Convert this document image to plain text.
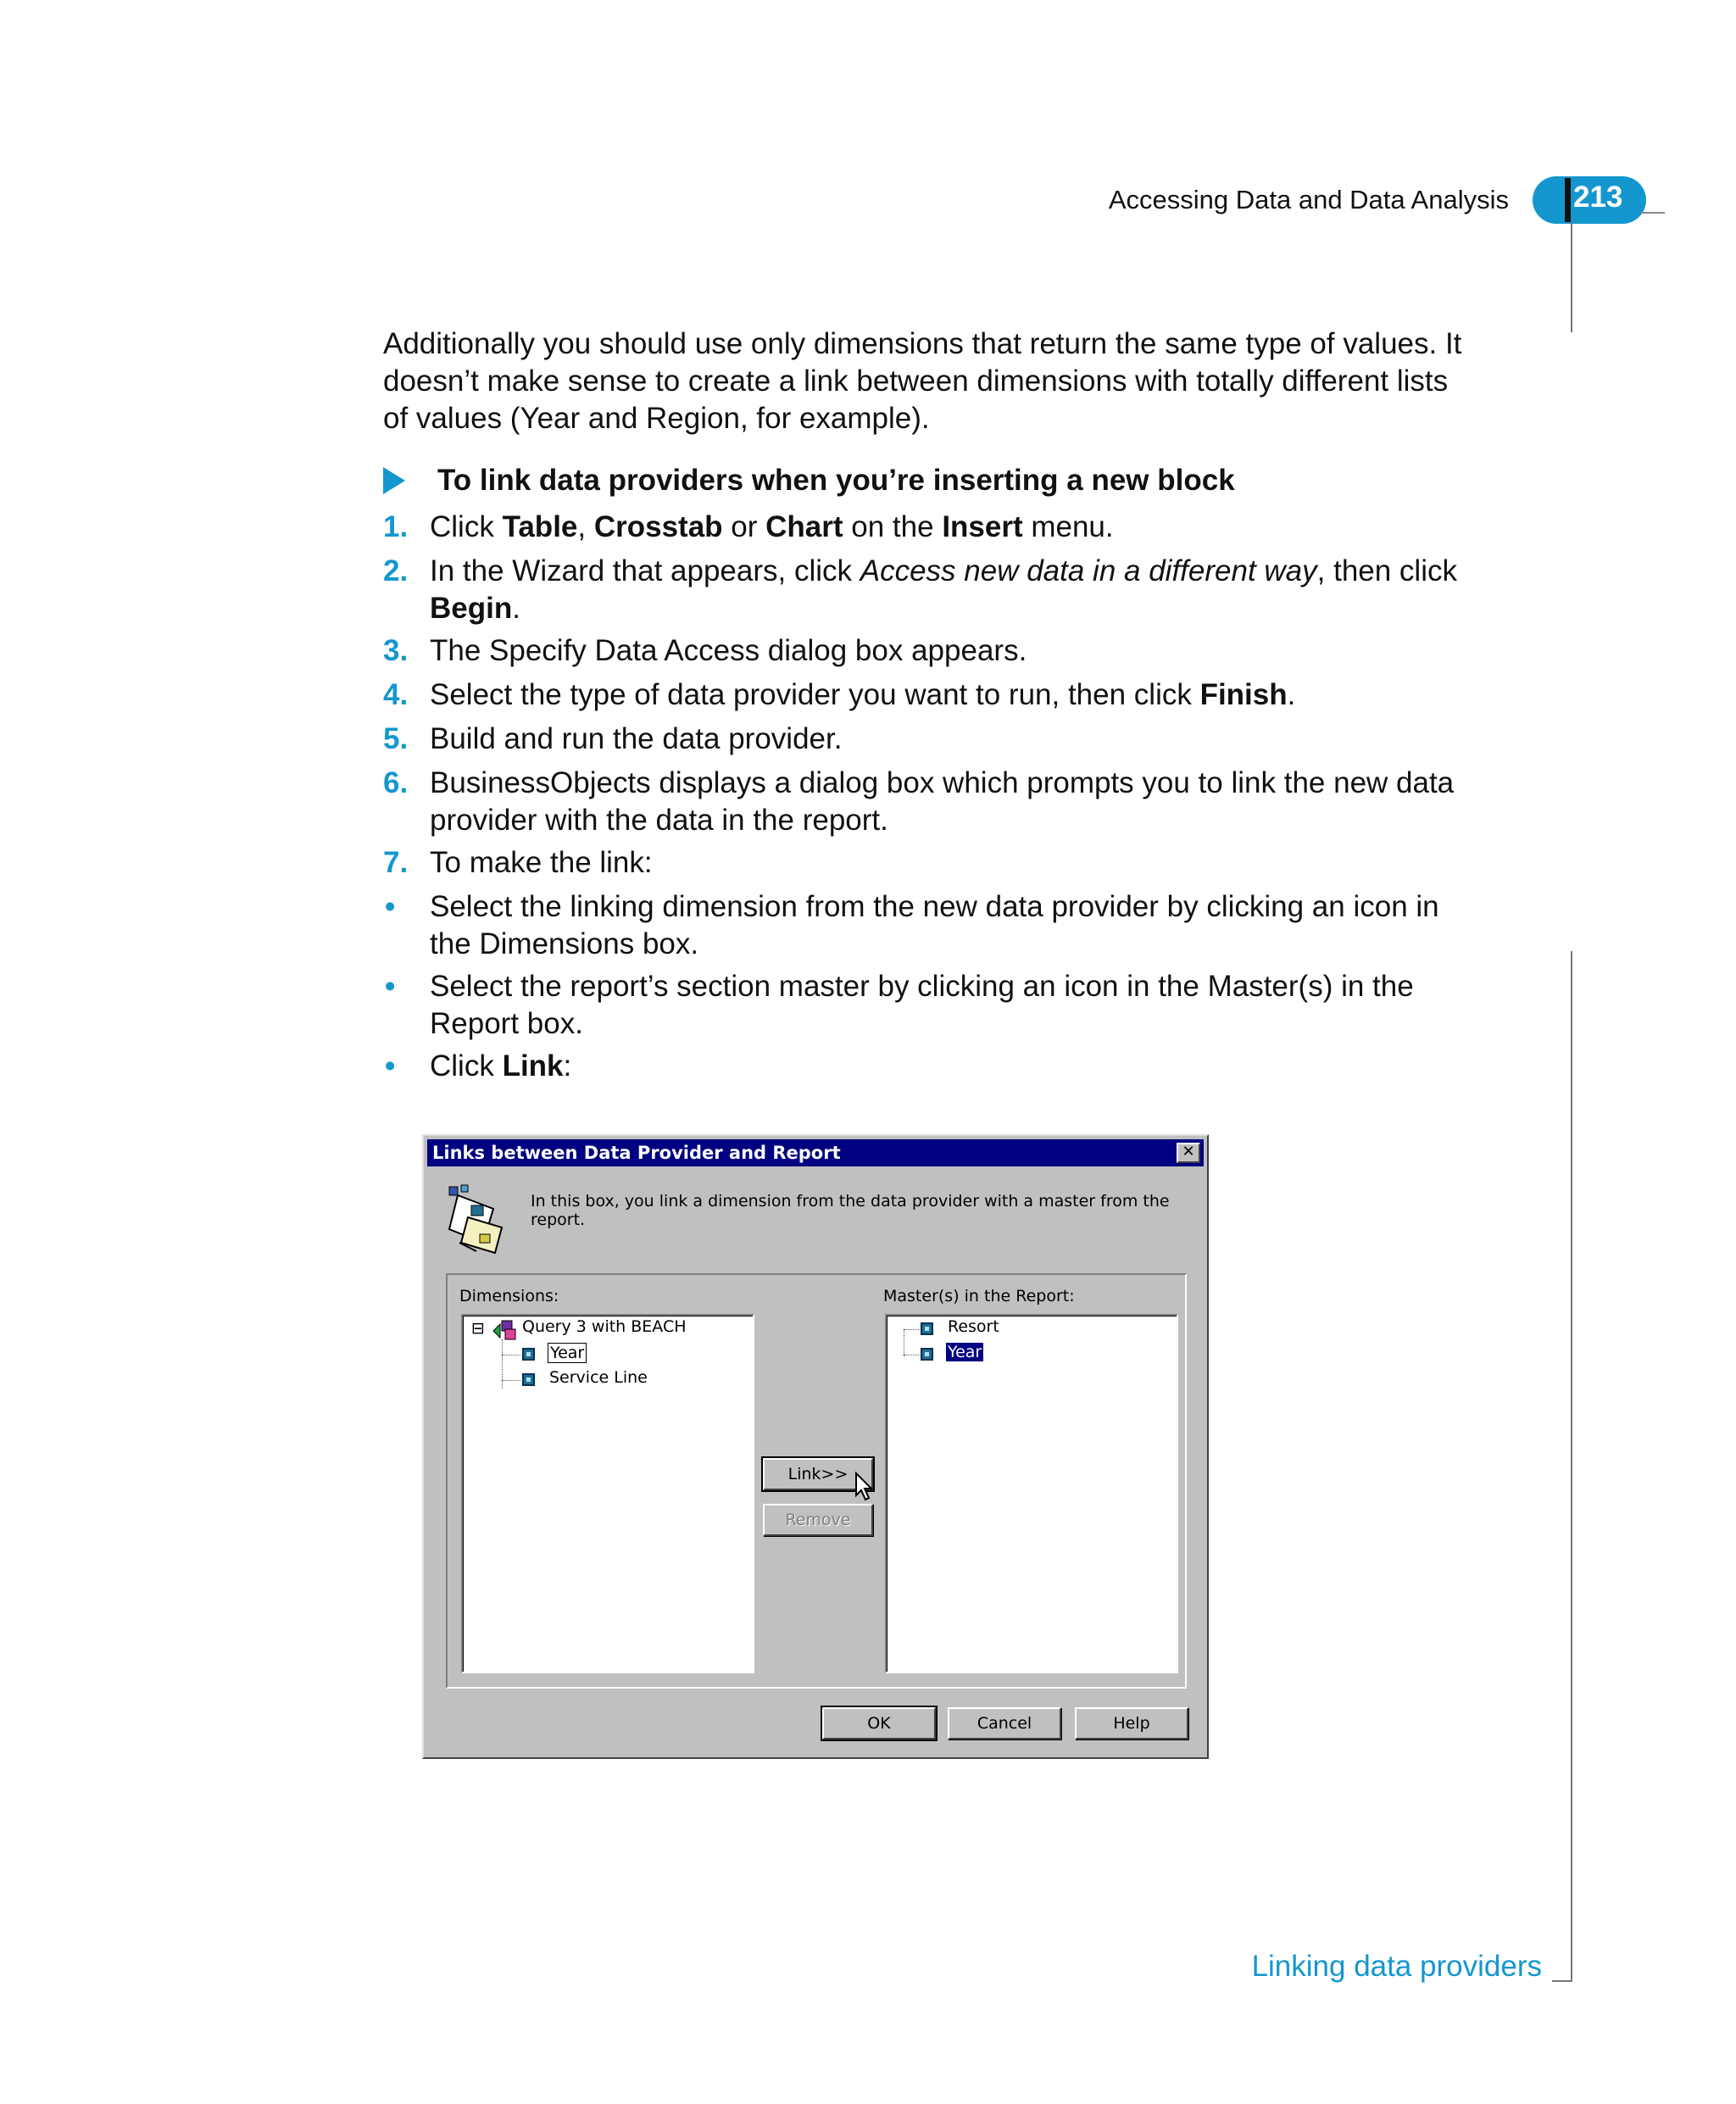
Accessing Data and Data Analysis 213

Additionally you should use only dimensions that return the same type of values. It doesn’t make sense to create a link between dimensions with totally different lists of values (Year and Region, for example).

To link data providers when you’re inserting a new block
1. Click Table, Crosstab or Chart on the Insert menu.
2. In the Wizard that appears, click Access new data in a different way, then click Begin.
3. The Specify Data Access dialog box appears.
4. Select the type of data provider you want to run, then click Finish.
5. Build and run the data provider.
6. BusinessObjects displays a dialog box which prompts you to link the new data provider with the data in the report.
7. To make the link:
• Select the linking dimension from the new data provider by clicking an icon in the Dimensions box.
• Select the report’s section master by clicking an icon in the Master(s) in the Report box.
• Click Link:
Links between Data Provider and Report	✕
In this box, you link a dimension from the data provider with a master from the report.
Dimensions:	Master(s) in the Report:
⊟ Query 3 with BEACH
Year
Service Line
Link>>
Remove
Resort
Year
OK	Cancel	Help
Linking data providers
